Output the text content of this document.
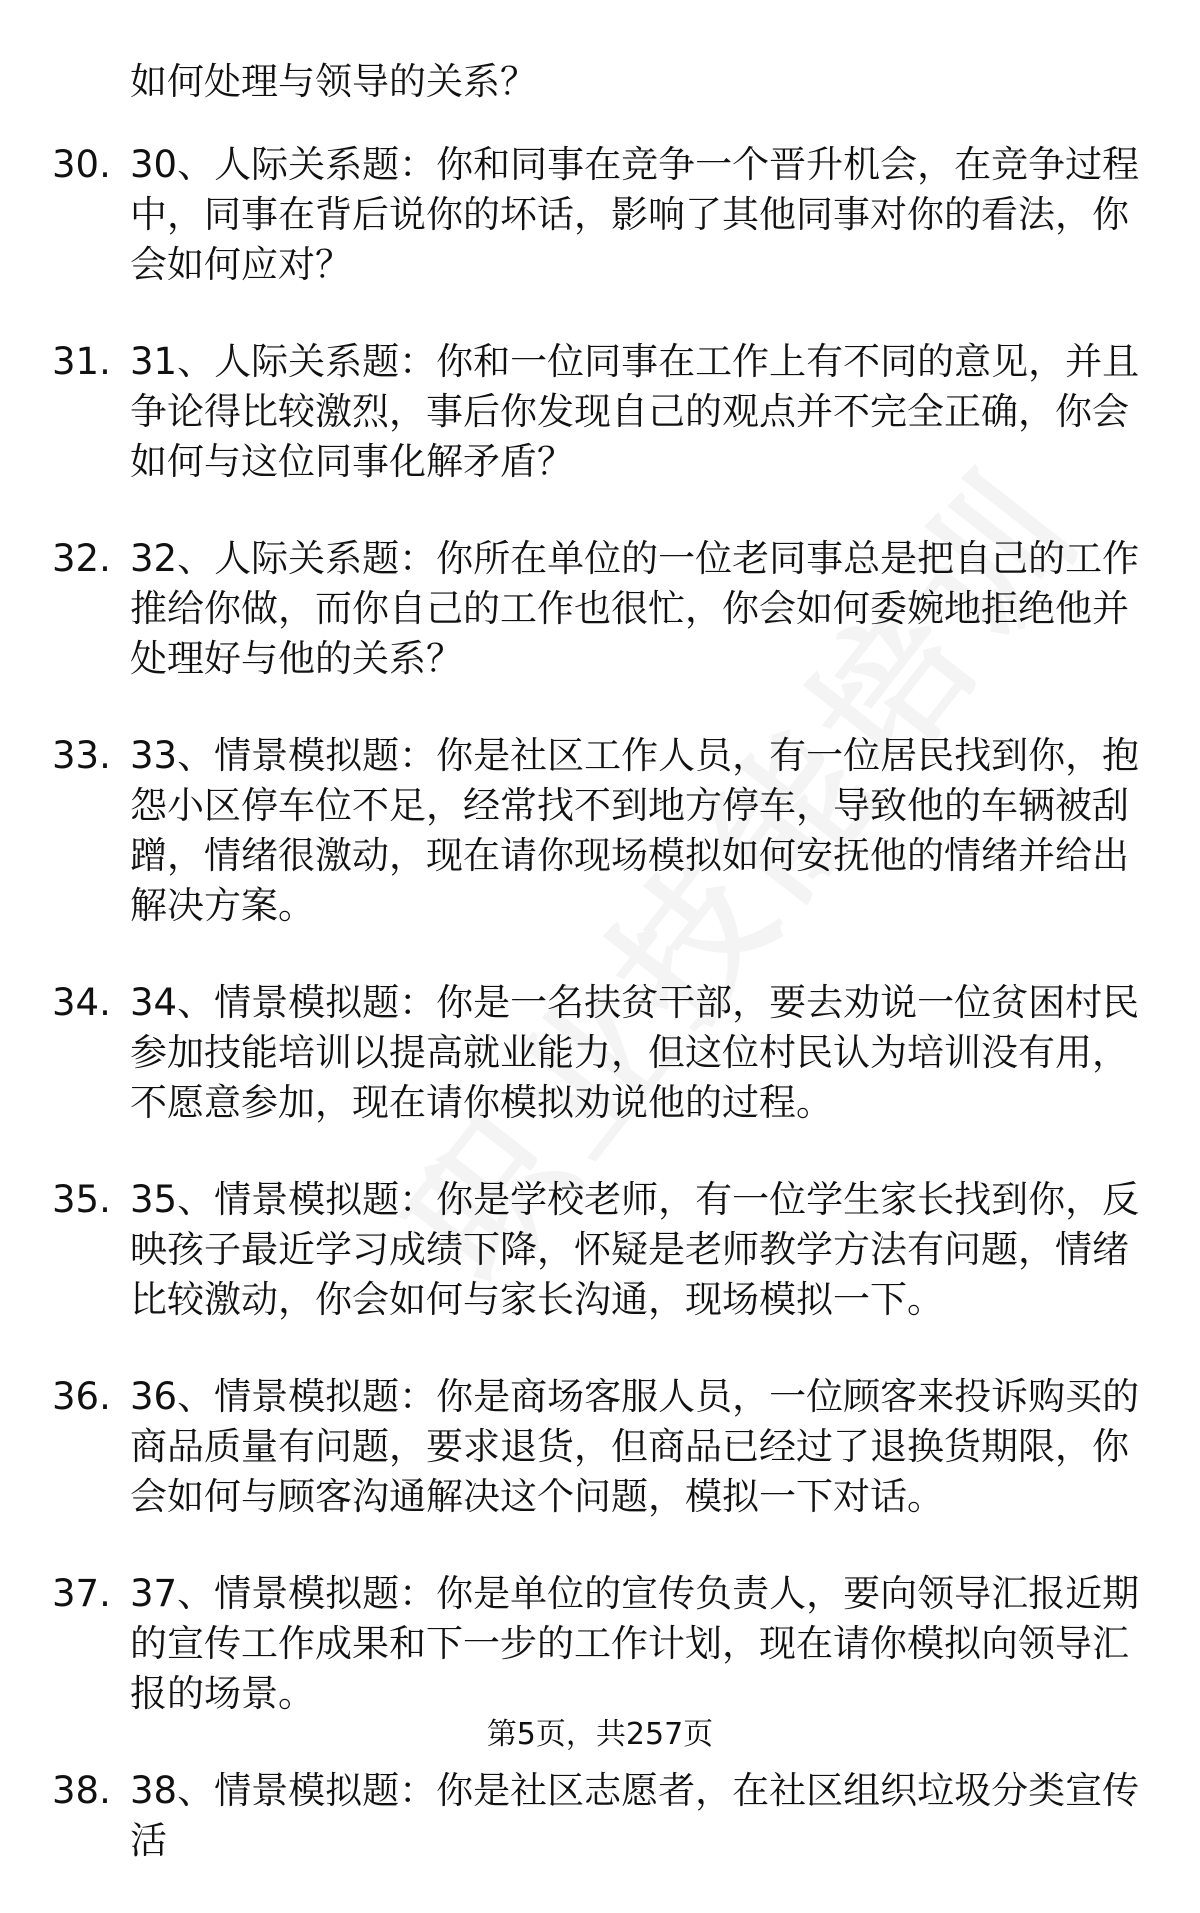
如何处理与领导的关系？
30. 30、人际关系题：你和同事在竞争一个晋升机会，在竞争过程中，同事在背后说你的坏话，影响了其他同事对你的看法，你会如何应对？
31. 31、人际关系题：你和一位同事在工作上有不同的意见，并且争论得比较激烈，事后你发现自己的观点并不完全正确，你会如何与这位同事化解矛盾？
32. 32、人际关系题：你所在单位的一位老同事总是把自己的工作推给你做，而你自己的工作也很忙，你会如何委婉地拒绝他并处理好与他的关系？
33. 33、情景模拟题：你是社区工作人员，有一位居民找到你，抱怨小区停车位不足，经常找不到地方停车，导致他的车辆被刮蹭，情绪很激动，现在请你现场模拟如何安抚他的情绪并给出解决方案。
34. 34、情景模拟题：你是一名扶贫干部，要去劝说一位贫困村民参加技能培训以提高就业能力，但这位村民认为培训没有用，不愿意参加，现在请你模拟劝说他的过程。
35. 35、情景模拟题：你是学校老师，有一位学生家长找到你，反映孩子最近学习成绩下降，怀疑是老师教学方法有问题，情绪比较激动，你会如何与家长沟通，现场模拟一下。
36. 36、情景模拟题：你是商场客服人员，一位顾客来投诉购买的商品质量有问题，要求退货，但商品已经过了退换货期限，你会如何与顾客沟通解决这个问题，模拟一下对话。
37. 37、情景模拟题：你是单位的宣传负责人，要向领导汇报近期的宣传工作成果和下一步的工作计划，现在请你模拟向领导汇报的场景。
38. 38、情景模拟题：你是社区志愿者，在社区组织垃圾分类宣传活
第5页，共257页
